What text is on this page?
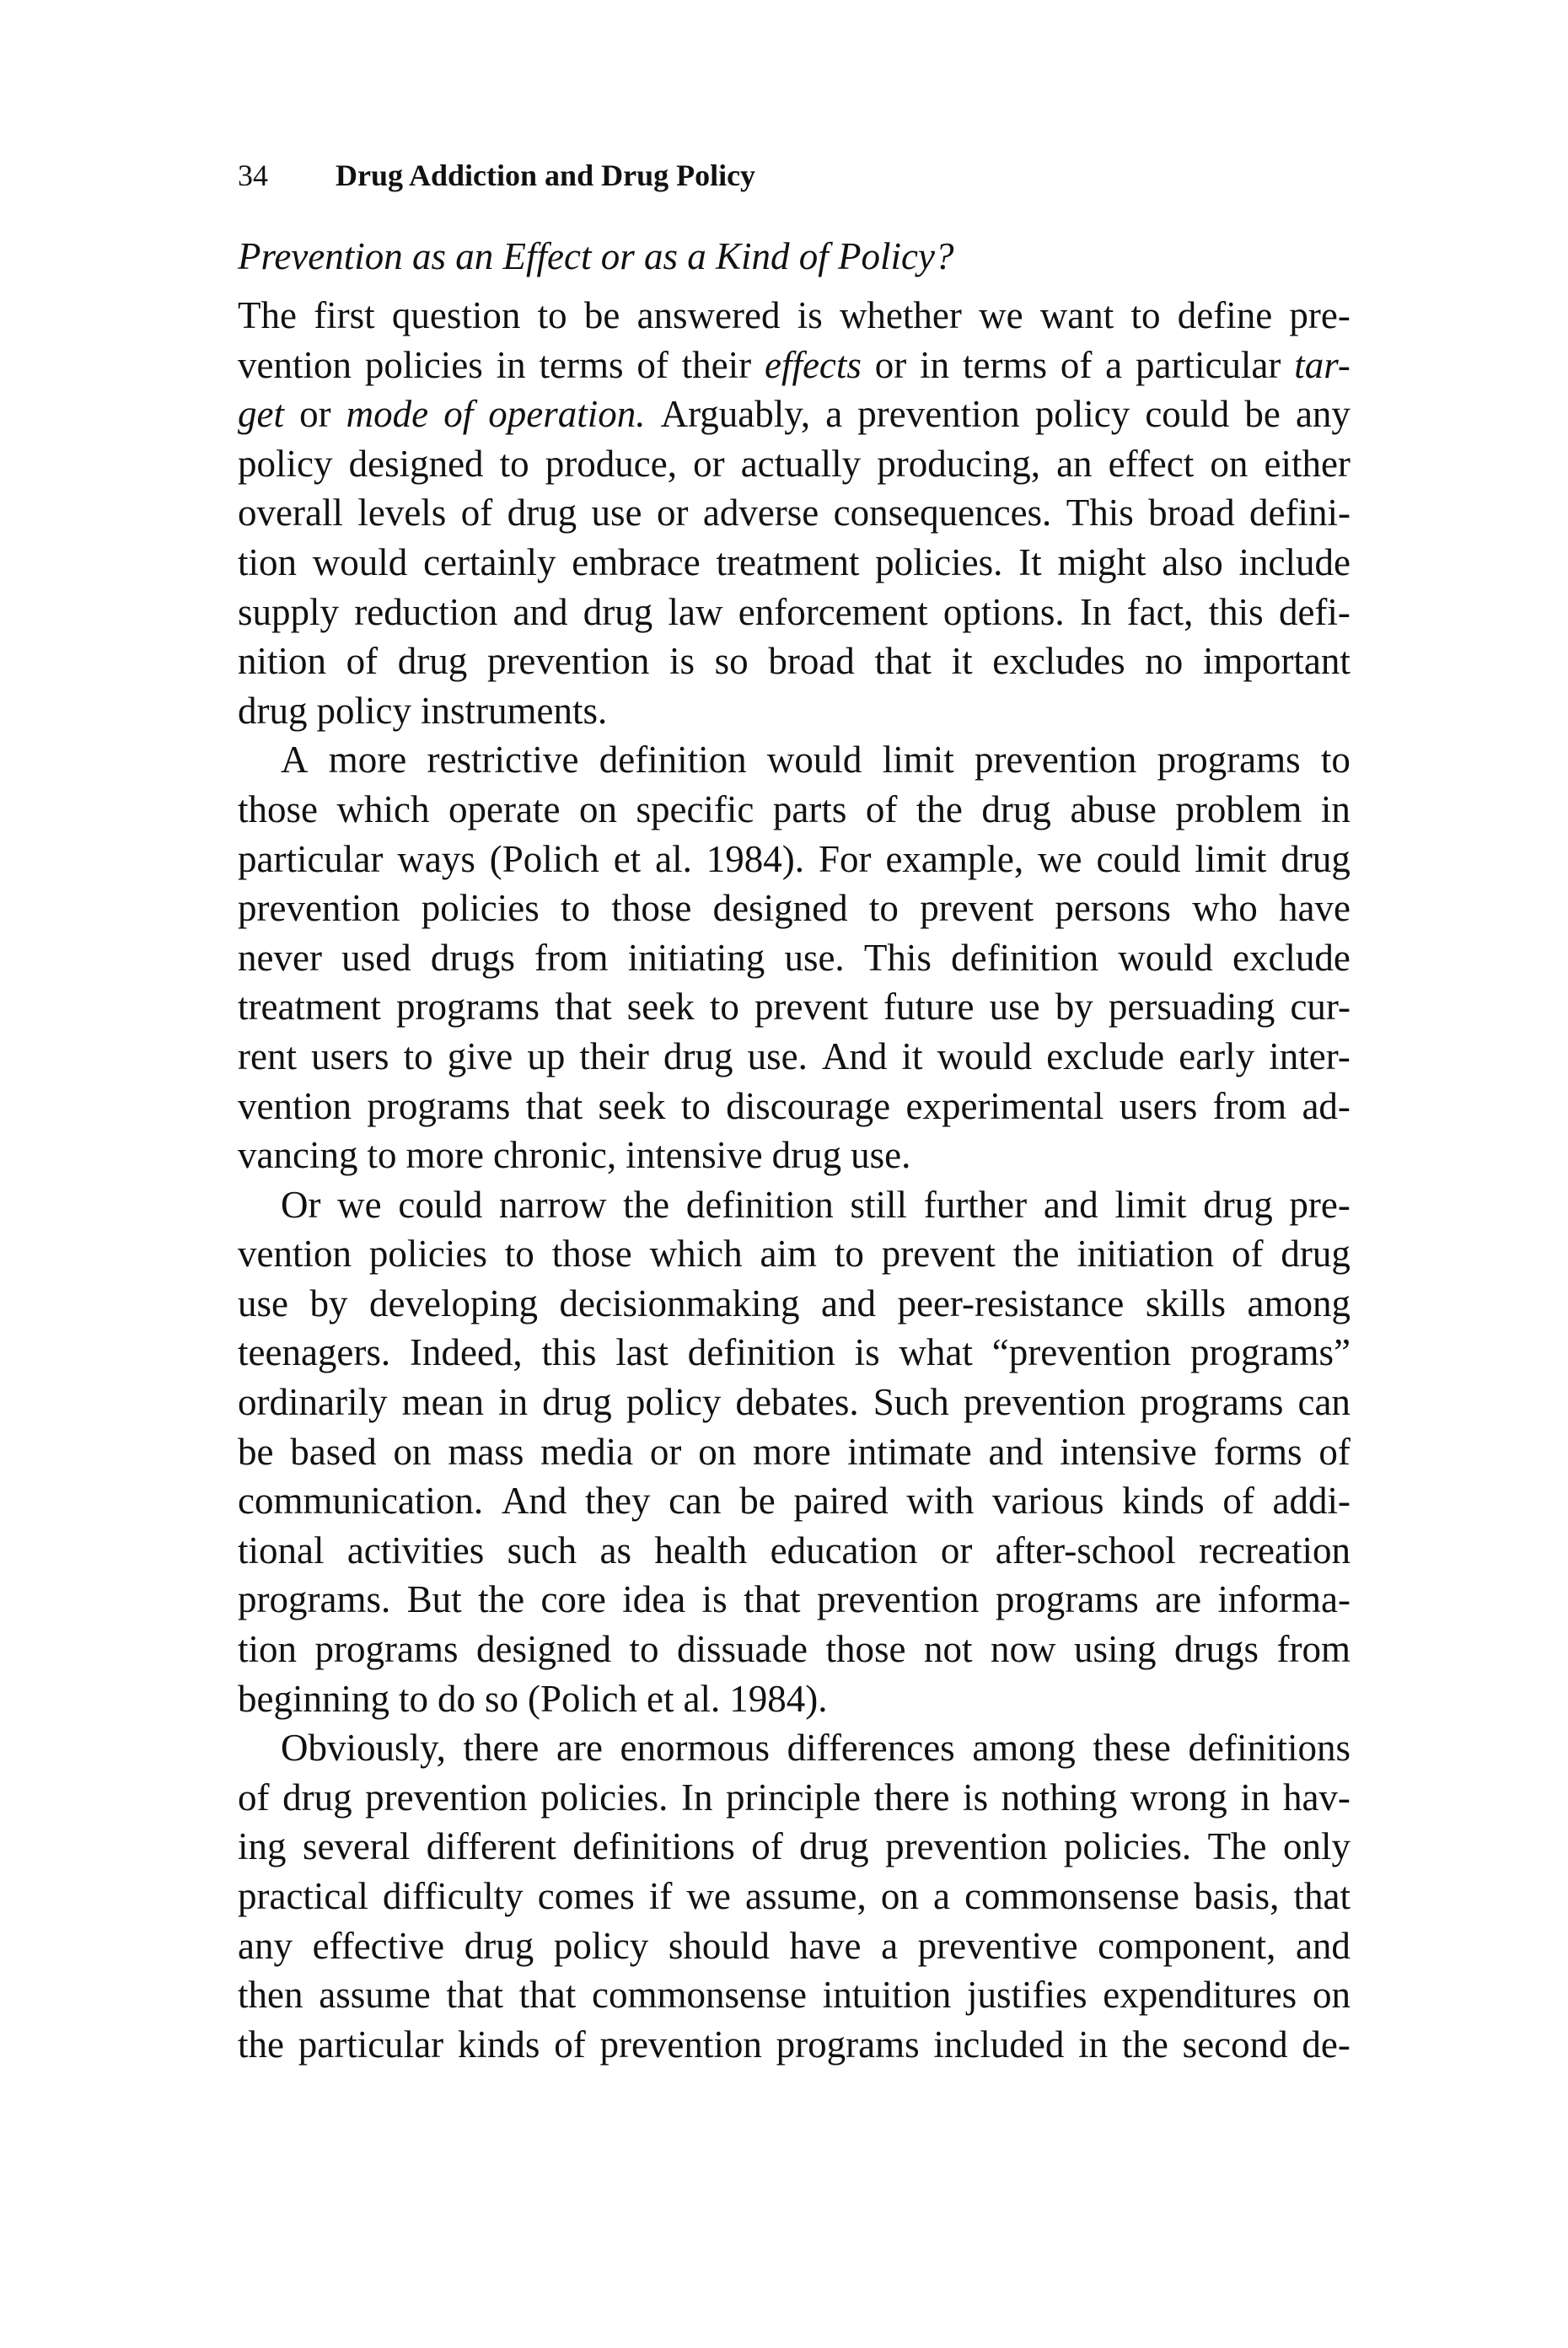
34 Drug Addiction and Drug Policy
Prevention as an Effect or as a Kind of Policy?
The first question to be answered is whether we want to define pre-
vention policies in terms of their effects or in terms of a particular tar-
get or mode of operation. Arguably, a prevention policy could be any
policy designed to produce, or actually producing, an effect on either
overall levels of drug use or adverse consequences. This broad defini-
tion would certainly embrace treatment policies. It might also include
supply reduction and drug law enforcement options. In fact, this defi-
nition of drug prevention is so broad that it excludes no important
drug policy instruments.
A more restrictive definition would limit prevention programs to
those which operate on specific parts of the drug abuse problem in
particular ways (Polich et al. 1984). For example, we could limit drug
prevention policies to those designed to prevent persons who have
never used drugs from initiating use. This definition would exclude
treatment programs that seek to prevent future use by persuading cur-
rent users to give up their drug use. And it would exclude early inter-
vention programs that seek to discourage experimental users from ad-
vancing to more chronic, intensive drug use.
Or we could narrow the definition still further and limit drug pre-
vention policies to those which aim to prevent the initiation of drug
use by developing decisionmaking and peer-resistance skills among
teenagers. Indeed, this last definition is what “prevention programs”
ordinarily mean in drug policy debates. Such prevention programs can
be based on mass media or on more intimate and intensive forms of
communication. And they can be paired with various kinds of addi-
tional activities such as health education or after-school recreation
programs. But the core idea is that prevention programs are informa-
tion programs designed to dissuade those not now using drugs from
beginning to do so (Polich et al. 1984).
Obviously, there are enormous differences among these definitions
of drug prevention policies. In principle there is nothing wrong in hav-
ing several different definitions of drug prevention policies. The only
practical difficulty comes if we assume, on a commonsense basis, that
any effective drug policy should have a preventive component, and
then assume that that commonsense intuition justifies expenditures on
the particular kinds of prevention programs included in the second de-
